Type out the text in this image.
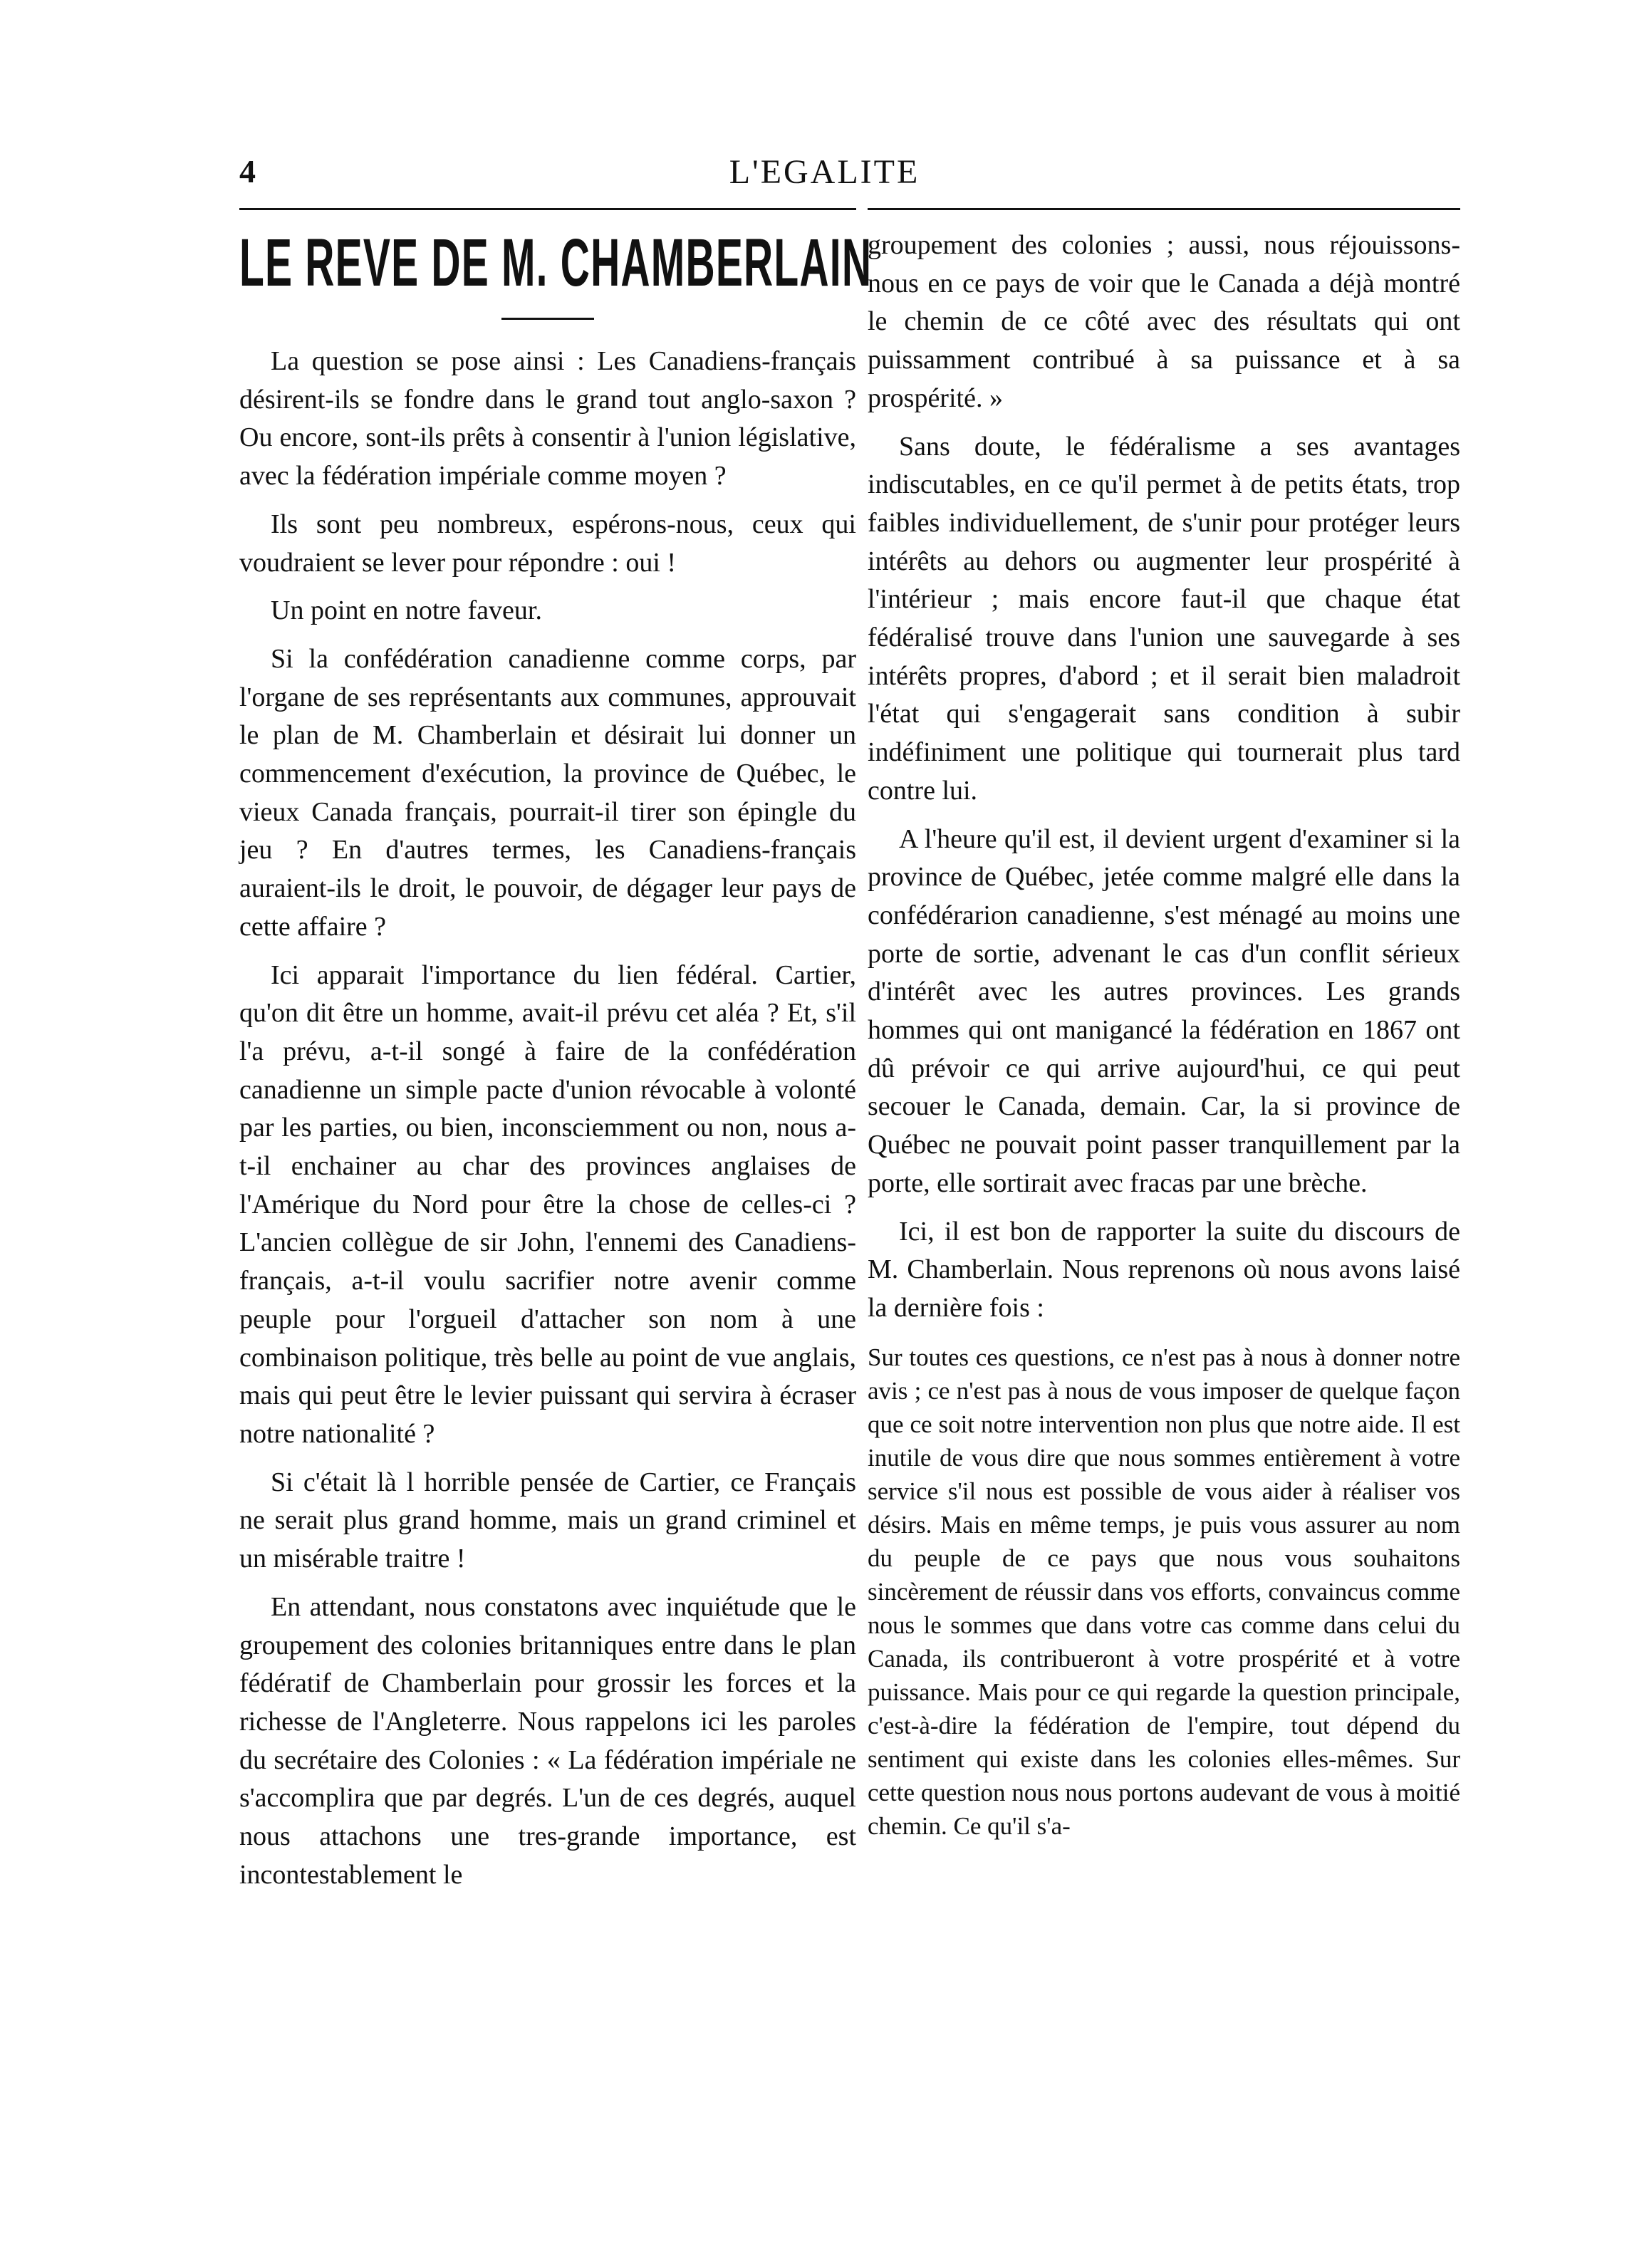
4	L'EGALITE
LE REVE DE M. CHAMBERLAIN

La question se pose ainsi : Les Canadiens-français désirent-ils se fondre dans le grand tout anglo-saxon ? Ou encore, sont-ils prêts à consentir à l'union législative, avec la fédération impériale comme moyen ?

Ils sont peu nombreux, espérons-nous, ceux qui voudraient se lever pour répondre : oui !

Un point en notre faveur.

Si la confédération canadienne comme corps, par l'organe de ses représentants aux communes, approuvait le plan de M. Chamberlain et désirait lui donner un commencement d'exécution, la province de Québec, le vieux Canada français, pourrait-il tirer son épingle du jeu ? En d'autres termes, les Canadiens-français auraient-ils le droit, le pouvoir, de dégager leur pays de cette affaire ?

Ici apparait l'importance du lien fédéral. Cartier, qu'on dit être un homme, avait-il prévu cet aléa ? Et, s'il l'a prévu, a-t-il songé à faire de la confédération canadienne un simple pacte d'union révocable à volonté par les parties, ou bien, inconsciemment ou non, nous a-t-il enchainer au char des provinces anglaises de l'Amérique du Nord pour être la chose de celles-ci ? L'ancien collègue de sir John, l'ennemi des Canadiens-français, a-t-il voulu sacrifier notre avenir comme peuple pour l'orgueil d'attacher son nom à une combinaison politique, très belle au point de vue anglais, mais qui peut être le levier puissant qui servira à écraser notre nationalité ?

Si c'était là l horrible pensée de Cartier, ce Français ne serait plus grand homme, mais un grand criminel et un misérable traitre !

En attendant, nous constatons avec inquiétude que le groupement des colonies britanniques entre dans le plan fédératif de Chamberlain pour grossir les forces et la richesse de l'Angleterre. Nous rappelons ici les paroles du secrétaire des Colonies : « La fédération impériale ne s'accomplira que par degrés. L'un de ces degrés, auquel nous attachons une tres-grande importance, est incontestablement le

groupement des colonies ; aussi, nous réjouissons-nous en ce pays de voir que le Canada a déjà montré le chemin de ce côté avec des résultats qui ont puissamment contribué à sa puissance et à sa prospérité. »

Sans doute, le fédéralisme a ses avantages indiscutables, en ce qu'il permet à de petits états, trop faibles individuellement, de s'unir pour protéger leurs intérêts au dehors ou augmenter leur prospérité à l'intérieur ; mais encore faut-il que chaque état fédéralisé trouve dans l'union une sauvegarde à ses intérêts propres, d'abord ; et il serait bien maladroit l'état qui s'engagerait sans condition à subir indéfiniment une politique qui tournerait plus tard contre lui.

A l'heure qu'il est, il devient urgent d'examiner si la province de Québec, jetée comme malgré elle dans la confédérarion canadienne, s'est ménagé au moins une porte de sortie, advenant le cas d'un conflit sérieux d'intérêt avec les autres provinces. Les grands hommes qui ont manigancé la fédération en 1867 ont dû prévoir ce qui arrive aujourd'hui, ce qui peut secouer le Canada, demain. Car, la si province de Québec ne pouvait point passer tranquillement par la porte, elle sortirait avec fracas par une brèche.

Ici, il est bon de rapporter la suite du discours de M. Chamberlain. Nous reprenons où nous avons laisé la dernière fois :

Sur toutes ces questions, ce n'est pas à nous à donner notre avis ; ce n'est pas à nous de vous imposer de quelque façon que ce soit notre intervention non plus que notre aide. Il est inutile de vous dire que nous sommes entièrement à votre service s'il nous est possible de vous aider à réaliser vos désirs. Mais en même temps, je puis vous assurer au nom du peuple de ce pays que nous vous souhaitons sincèrement de réussir dans vos efforts, convaincus comme nous le sommes que dans votre cas comme dans celui du Canada, ils contribueront à votre prospérité et à votre puissance. Mais pour ce qui regarde la question principale, c'est-à-dire la fédération de l'empire, tout dépend du sentiment qui existe dans les colonies elles-mêmes. Sur cette question nous nous portons audevant de vous à moitié chemin. Ce qu'il s'a-
